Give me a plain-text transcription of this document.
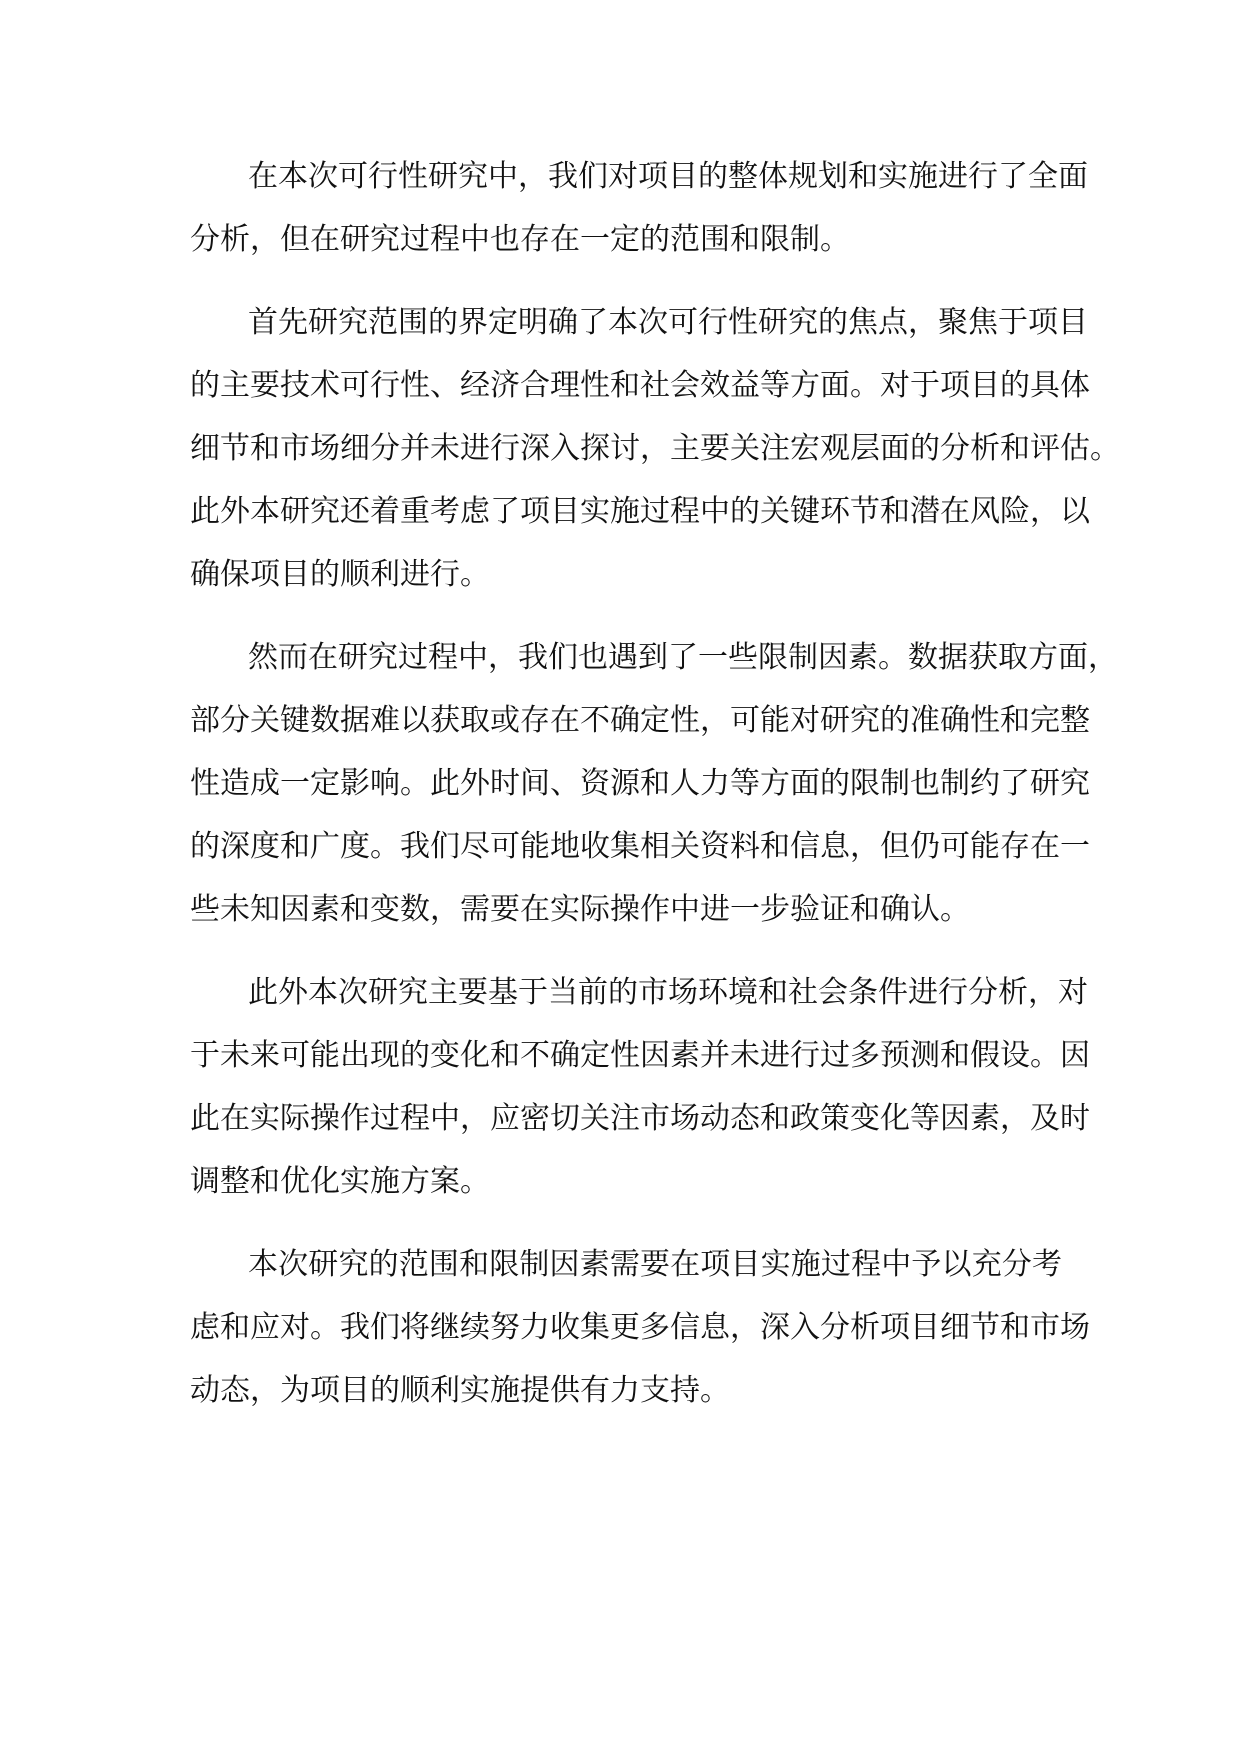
在本次可行性研究中，我们对项目的整体规划和实施进行了全面
分析，但在研究过程中也存在一定的范围和限制。
首先研究范围的界定明确了本次可行性研究的焦点，聚焦于项目
的主要技术可行性、经济合理性和社会效益等方面。对于项目的具体
细节和市场细分并未进行深入探讨，主要关注宏观层面的分析和评估。
此外本研究还着重考虑了项目实施过程中的关键环节和潜在风险，以
确保项目的顺利进行。
然而在研究过程中，我们也遇到了一些限制因素。数据获取方面，
部分关键数据难以获取或存在不确定性，可能对研究的准确性和完整
性造成一定影响。此外时间、资源和人力等方面的限制也制约了研究
的深度和广度。我们尽可能地收集相关资料和信息，但仍可能存在一
些未知因素和变数，需要在实际操作中进一步验证和确认。
此外本次研究主要基于当前的市场环境和社会条件进行分析，对
于未来可能出现的变化和不确定性因素并未进行过多预测和假设。因
此在实际操作过程中，应密切关注市场动态和政策变化等因素，及时
调整和优化实施方案。
本次研究的范围和限制因素需要在项目实施过程中予以充分考
虑和应对。我们将继续努力收集更多信息，深入分析项目细节和市场
动态，为项目的顺利实施提供有力支持。
